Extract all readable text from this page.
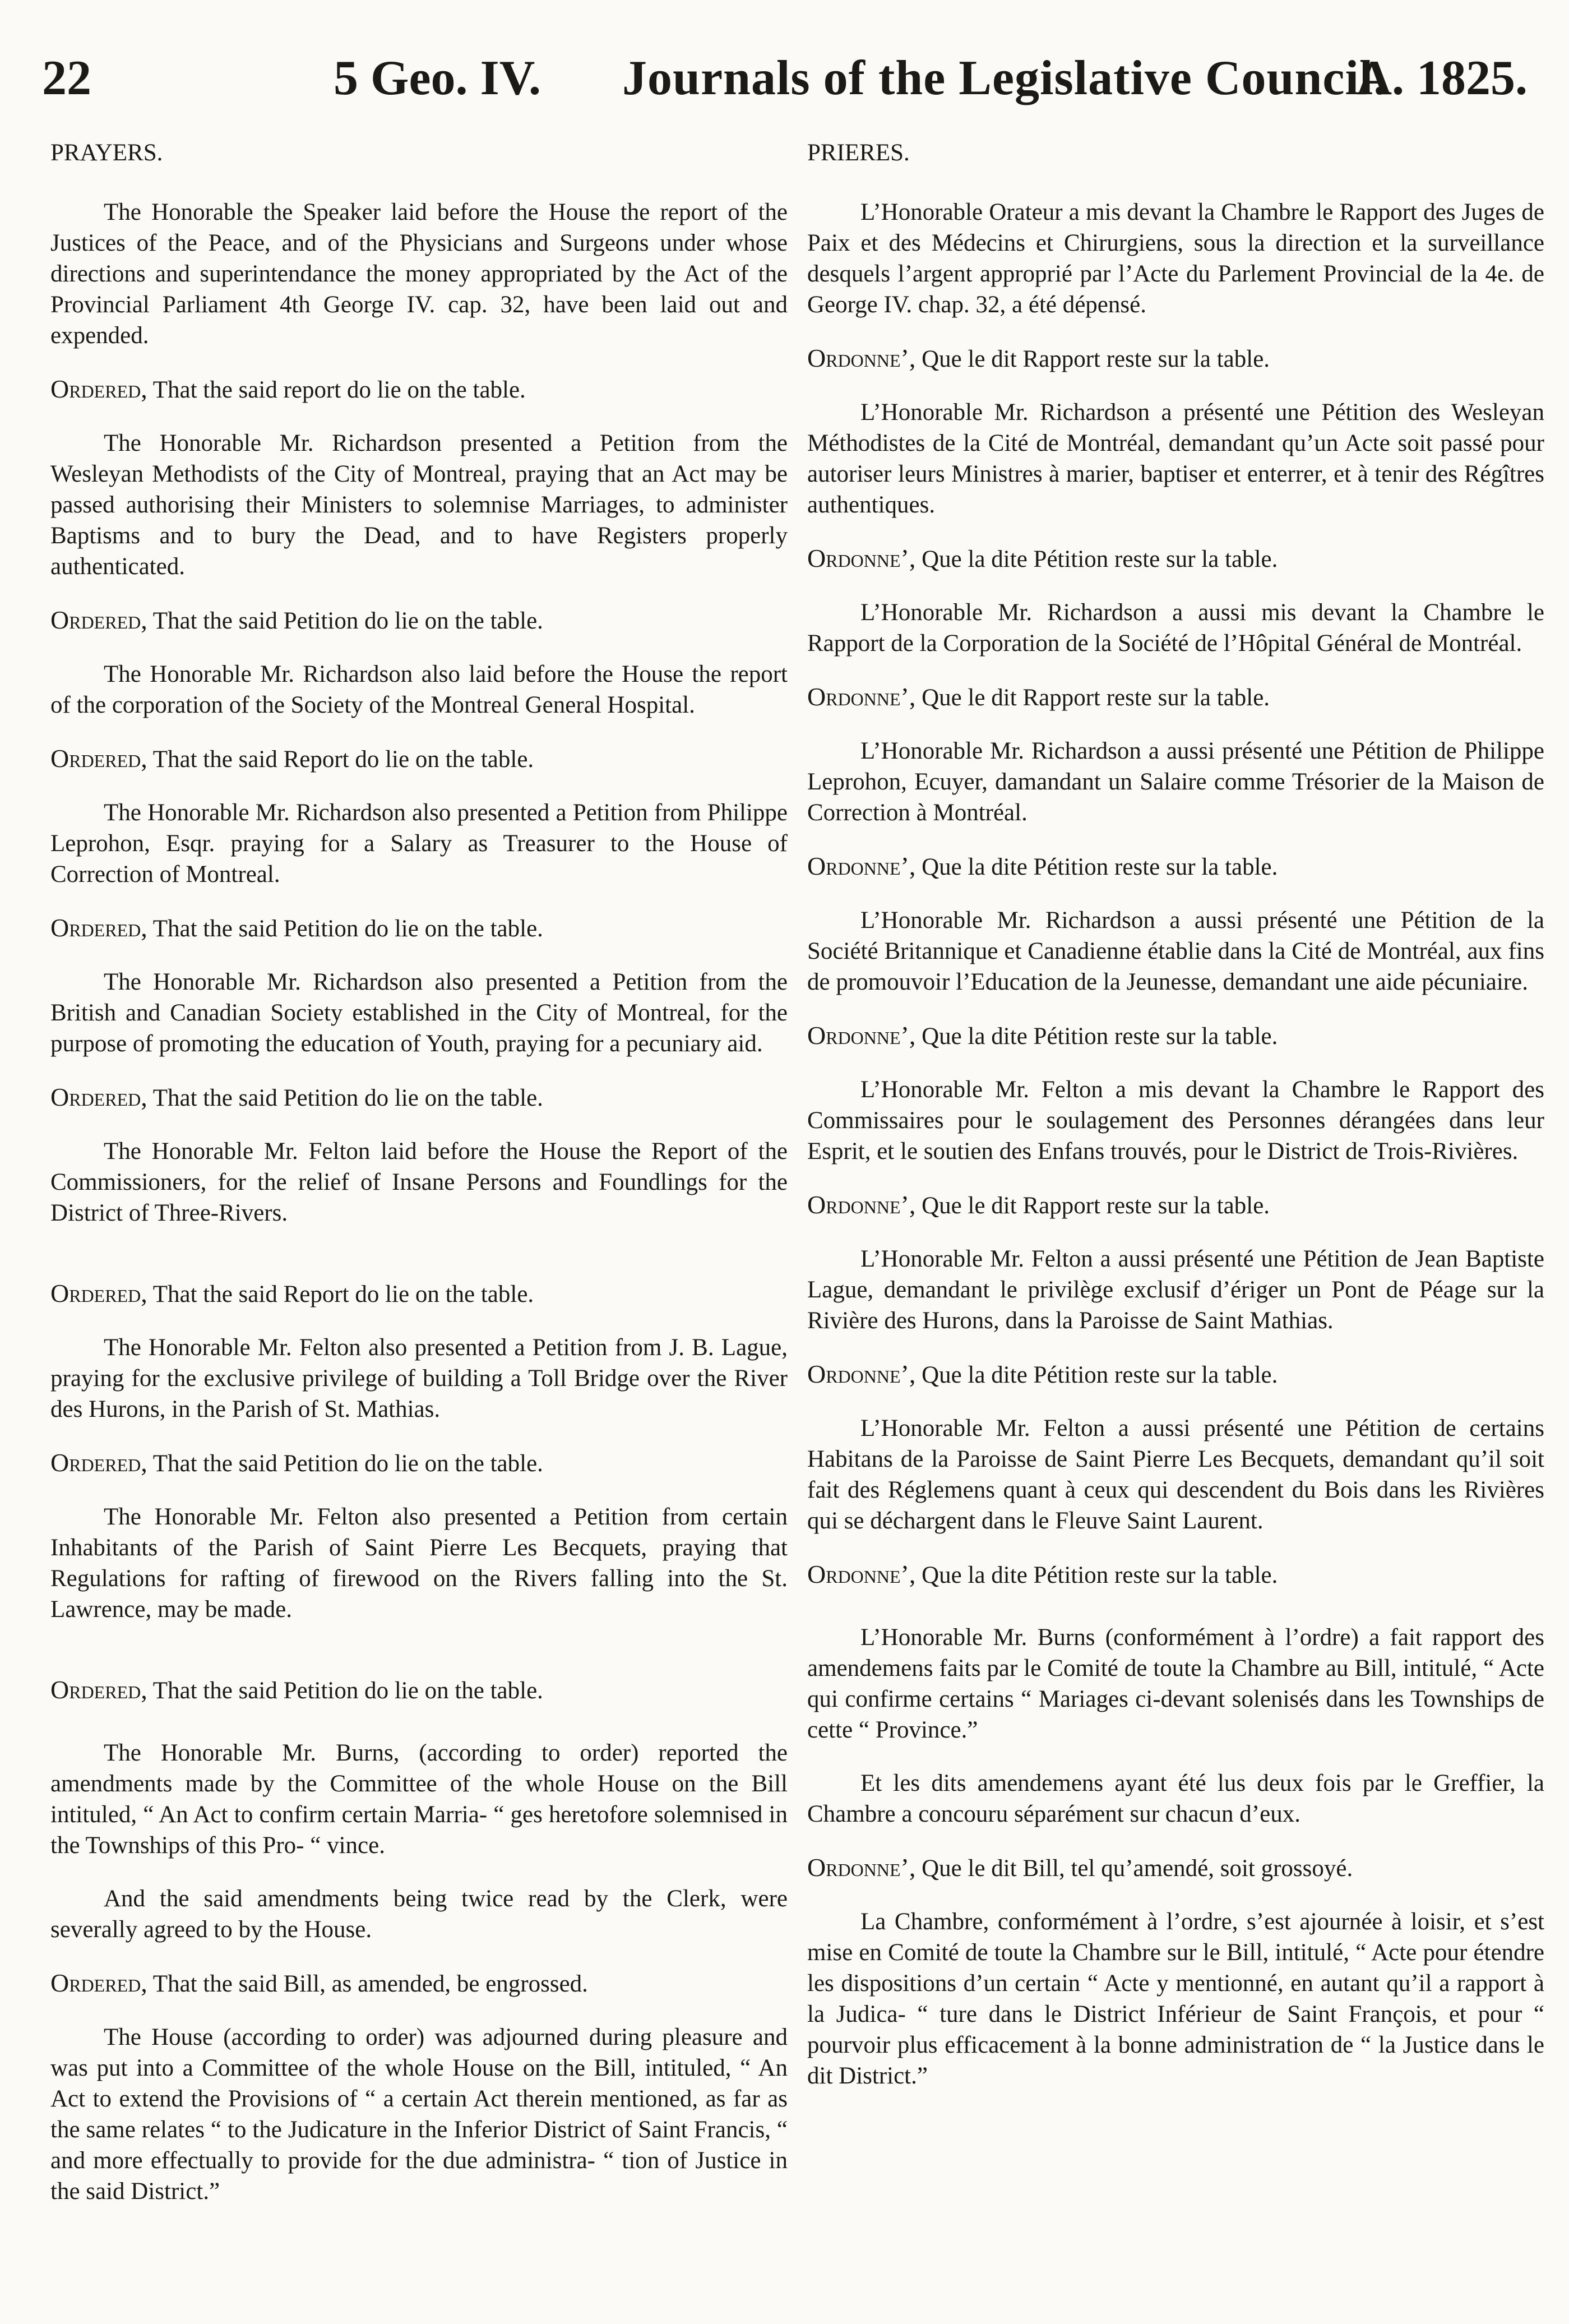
22	5 Geo. IV. Journals of the Legislative Council.
A. 1825.
PRAYERS.

The Honorable the Speaker laid before the House the report of the Justices of the Peace, and of the Physicians and Surgeons under whose directions and superintendance the money appropriated by the Act of the Provincial Parliament 4th George IV. cap. 32, have been laid out and expended.

Ordered, That the said report do lie on the table.

The Honorable Mr. Richardson presented a Petition from the Wesleyan Methodists of the City of Montreal, praying that an Act may be passed authorising their Ministers to solemnise Marriages, to administer Baptisms and to bury the Dead, and to have Registers properly authenticated.

Ordered, That the said Petition do lie on the table.

The Honorable Mr. Richardson also laid before the House the report of the corporation of the Society of the Montreal General Hospital.

Ordered, That the said Report do lie on the table.

The Honorable Mr. Richardson also presented a Petition from Philippe Leprohon, Esqr. praying for a Salary as Treasurer to the House of Correction of Montreal.

Ordered, That the said Petition do lie on the table.

The Honorable Mr. Richardson also presented a Petition from the British and Canadian Society established in the City of Montreal, for the purpose of promoting the education of Youth, praying for a pecuniary aid.

Ordered, That the said Petition do lie on the table.

The Honorable Mr. Felton laid before the House the Report of the Commissioners, for the relief of Insane Persons and Foundlings for the District of Three-Rivers.

Ordered, That the said Report do lie on the table.

The Honorable Mr. Felton also presented a Petition from J. B. Lague, praying for the exclusive privilege of building a Toll Bridge over the River des Hurons, in the Parish of St. Mathias.

Ordered, That the said Petition do lie on the table.

The Honorable Mr. Felton also presented a Petition from certain Inhabitants of the Parish of Saint Pierre Les Becquets, praying that Regulations for rafting of firewood on the Rivers falling into the St. Lawrence, may be made.

Ordered, That the said Petition do lie on the table.

The Honorable Mr. Burns, (according to order) reported the amendments made by the Committee of the whole House on the Bill intituled, “ An Act to confirm certain Marria- “ ges heretofore solemnised in the Townships of this Pro- “ vince.

And the said amendments being twice read by the Clerk, were severally agreed to by the House.

Ordered, That the said Bill, as amended, be engrossed.

The House (according to order) was adjourned during pleasure and was put into a Committee of the whole House on the Bill, intituled, “ An Act to extend the Provisions of “ a certain Act therein mentioned, as far as the same relates “ to the Judicature in the Inferior District of Saint Francis, “ and more effectually to provide for the due administra- “ tion of Justice in the said District.”

PRIERES.

L’Honorable Orateur a mis devant la Chambre le Rapport des Juges de Paix et des Médecins et Chirurgiens, sous la direction et la surveillance desquels l’argent approprié par l’Acte du Parlement Provincial de la 4e. de George IV. chap. 32, a été dépensé.

Ordonne’, Que le dit Rapport reste sur la table.

L’Honorable Mr. Richardson a présenté une Pétition des Wesleyan Méthodistes de la Cité de Montréal, demandant qu’un Acte soit passé pour autoriser leurs Ministres à marier, baptiser et enterrer, et à tenir des Régîtres authentiques.

Ordonne’, Que la dite Pétition reste sur la table.

L’Honorable Mr. Richardson a aussi mis devant la Chambre le Rapport de la Corporation de la Société de l’Hôpital Général de Montréal.

Ordonne’, Que le dit Rapport reste sur la table.

L’Honorable Mr. Richardson a aussi présenté une Pétition de Philippe Leprohon, Ecuyer, damandant un Salaire comme Trésorier de la Maison de Correction à Montréal.

Ordonne’, Que la dite Pétition reste sur la table.

L’Honorable Mr. Richardson a aussi présenté une Pétition de la Société Britannique et Canadienne établie dans la Cité de Montréal, aux fins de promouvoir l’Education de la Jeunesse, demandant une aide pécuniaire.

Ordonne’, Que la dite Pétition reste sur la table.

L’Honorable Mr. Felton a mis devant la Chambre le Rapport des Commissaires pour le soulagement des Personnes dérangées dans leur Esprit, et le soutien des Enfans trouvés, pour le District de Trois-Rivières.

Ordonne’, Que le dit Rapport reste sur la table.

L’Honorable Mr. Felton a aussi présenté une Pétition de Jean Baptiste Lague, demandant le privilège exclusif d’ériger un Pont de Péage sur la Rivière des Hurons, dans la Paroisse de Saint Mathias.

Ordonne’, Que la dite Pétition reste sur la table.

L’Honorable Mr. Felton a aussi présenté une Pétition de certains Habitans de la Paroisse de Saint Pierre Les Becquets, demandant qu’il soit fait des Réglemens quant à ceux qui descendent du Bois dans les Rivières qui se déchargent dans le Fleuve Saint Laurent.

Ordonne’, Que la dite Pétition reste sur la table.

L’Honorable Mr. Burns (conformément à l’ordre) a fait rapport des amendemens faits par le Comité de toute la Chambre au Bill, intitulé, “ Acte qui confirme certains “ Mariages ci-devant solenisés dans les Townships de cette “ Province.”

Et les dits amendemens ayant été lus deux fois par le Greffier, la Chambre a concouru séparément sur chacun d’eux.

Ordonne’, Que le dit Bill, tel qu’amendé, soit grossoyé.

La Chambre, conformément à l’ordre, s’est ajournée à loisir, et s’est mise en Comité de toute la Chambre sur le Bill, intitulé, “ Acte pour étendre les dispositions d’un certain “ Acte y mentionné, en autant qu’il a rapport à la Judica- “ ture dans le District Inférieur de Saint François, et pour “ pourvoir plus efficacement à la bonne administration de “ la Justice dans le dit District.”
